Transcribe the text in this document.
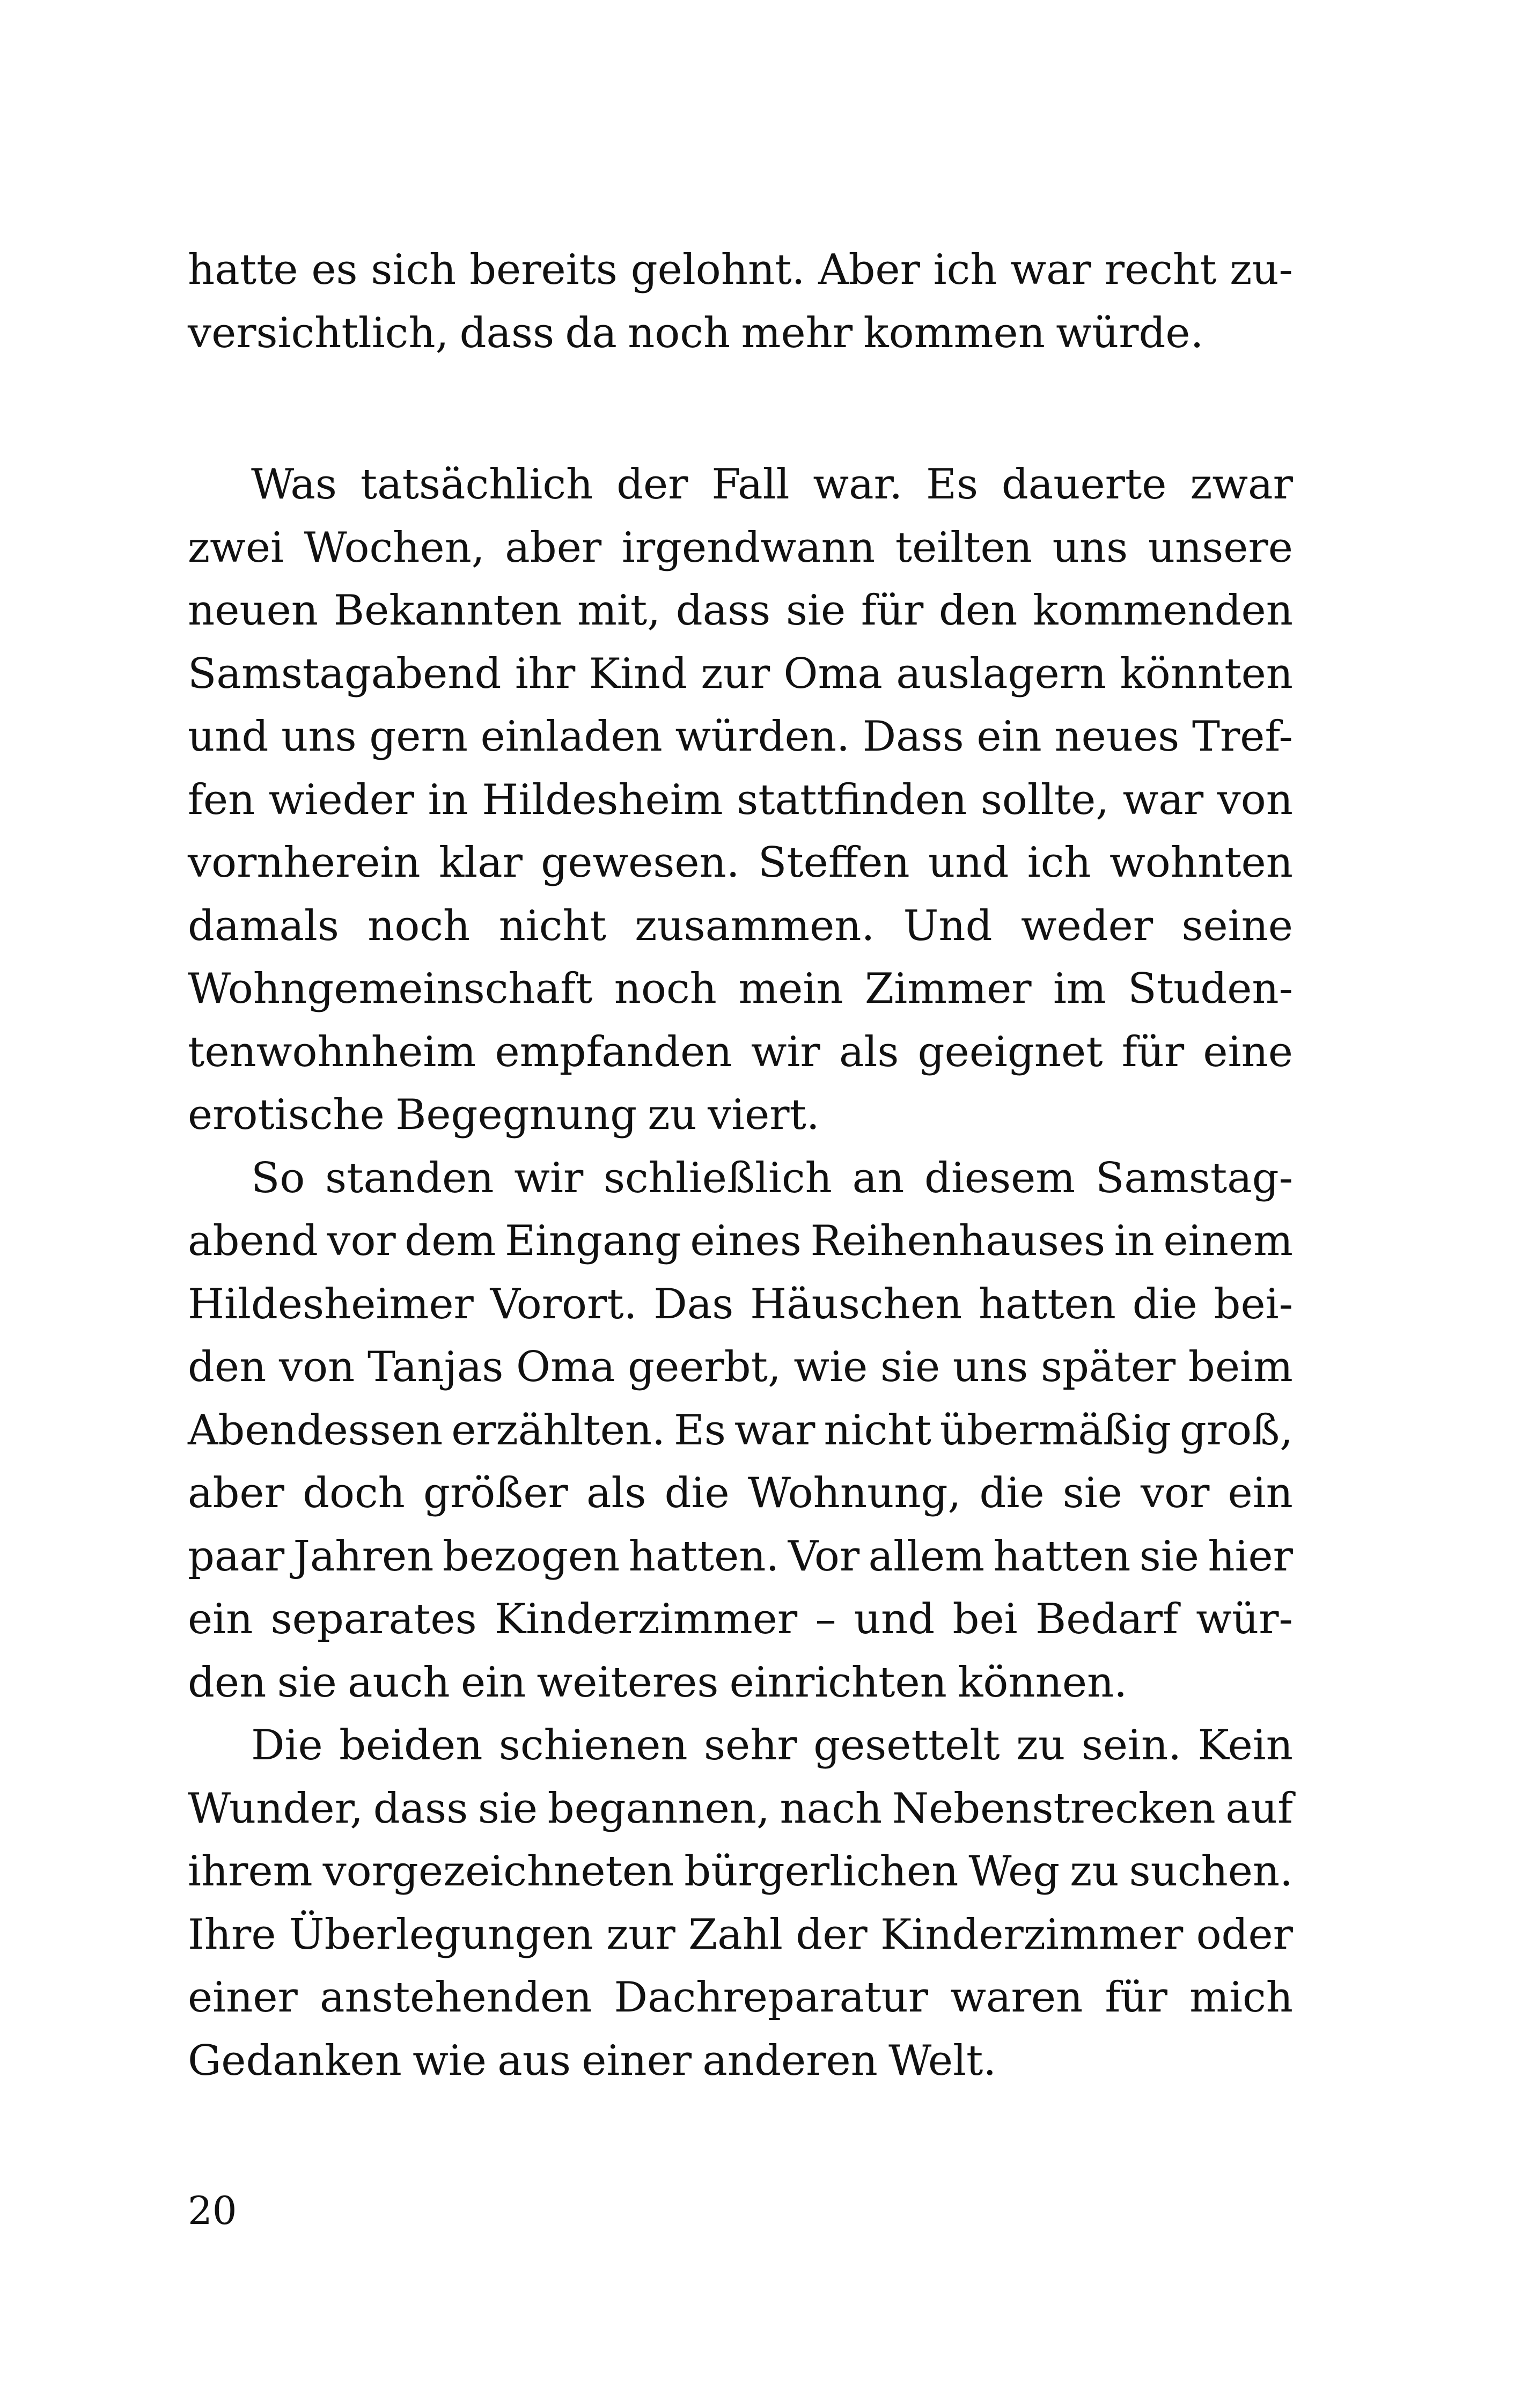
hatte es sich bereits gelohnt. Aber ich war recht zu-
versichtlich, dass da noch mehr kommen würde.
Was tatsächlich der Fall war. Es dauerte zwar
zwei Wochen, aber irgendwann teilten uns unsere
neuen Bekannten mit, dass sie für den kommenden
Samstagabend ihr Kind zur Oma auslagern könnten
und uns gern einladen würden. Dass ein neues Tref-
fen wieder in Hildesheim stattfinden sollte, war von
vornherein klar gewesen. Steffen und ich wohnten
damals noch nicht zusammen. Und weder seine
Wohngemeinschaft noch mein Zimmer im Studen-
tenwohnheim empfanden wir als geeignet für eine
erotische Begegnung zu viert.
So standen wir schließlich an diesem Samstag-
abend vor dem Eingang eines Reihenhauses in einem
Hildesheimer Vorort. Das Häuschen hatten die bei-
den von Tanjas Oma geerbt, wie sie uns später beim
Abendessen erzählten. Es war nicht übermäßig groß,
aber doch größer als die Wohnung, die sie vor ein
paar Jahren bezogen hatten. Vor allem hatten sie hier
ein separates Kinderzimmer – und bei Bedarf wür-
den sie auch ein weiteres einrichten können.
Die beiden schienen sehr gesettelt zu sein. Kein
Wunder, dass sie begannen, nach Nebenstrecken auf
ihrem vorgezeichneten bürgerlichen Weg zu suchen.
Ihre Überlegungen zur Zahl der Kinderzimmer oder
einer anstehenden Dachreparatur waren für mich
Gedanken wie aus einer anderen Welt.
20
